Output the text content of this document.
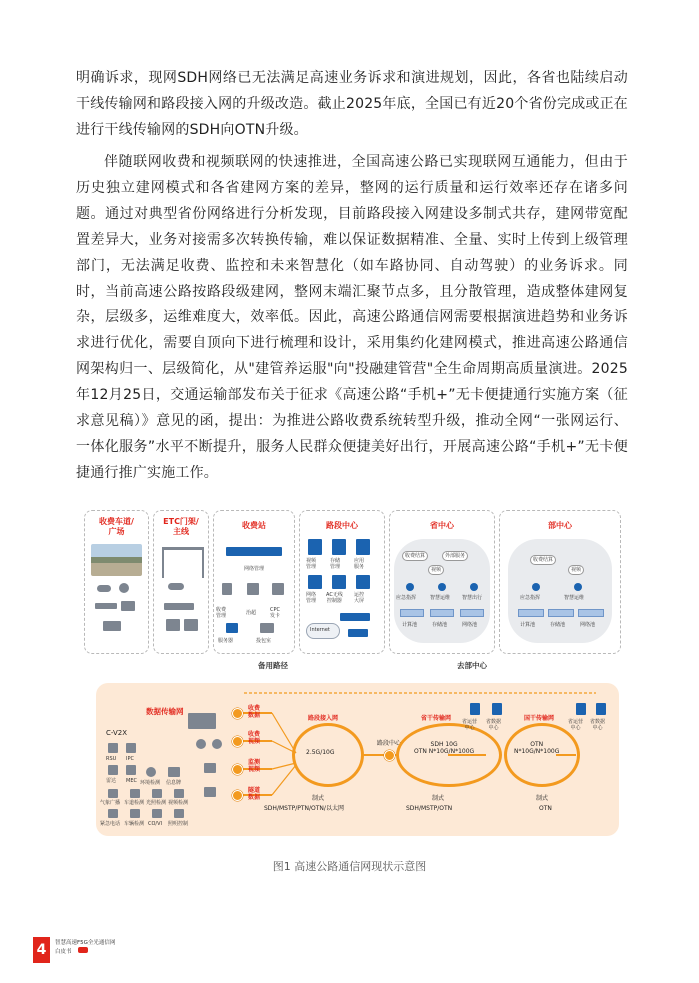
明确诉求，现网SDH网络已无法满足高速业务诉求和演进规划，因此，各省也陆续启动干线传输网和路段接入网的升级改造。截止2025年底，全国已有近20个省份完成或正在进行干线传输网的SDH向OTN升级。

伴随联网收费和视频联网的快速推进，全国高速公路已实现联网互通能力，但由于历史独立建网模式和各省建网方案的差异，整网的运行质量和运行效率还存在诸多问题。通过对典型省份网络进行分析发现，目前路段接入网建设多制式共存，建网带宽配置差异大，业务对接需多次转换传输，难以保证数据精准、全量、实时上传到上级管理部门，无法满足收费、监控和未来智慧化（如车路协同、自动驾驶）的业务诉求。同时，当前高速公路按路段级建网，整网末端汇聚节点多，且分散管理，造成整体建网复杂，层级多，运维难度大，效率低。因此，高速公路通信网需要根据演进趋势和业务诉求进行优化，需要自顶向下进行梳理和设计，采用集约化建网模式，推进高速公路通信网架构归一、层级简化，从"建管养运服"向"投融建管营"全生命周期高质量演进。2025年12月25日，交通运输部发布关于征求《高速公路“手机+”无卡便捷通行实施方案（征求意见稿）》意见的函，提出：为推进公路收费系统转型升级，推动全网“一张网运行、一体化服务”水平不断提升，服务人民群众便捷美好出行，开展高速公路“手机+”无卡便捷通行推广实施工作。

收费车道/
广场
ETC门架/
主线
收费站
网络管理
收费
管理	治超	CPC
发卡
服务器	投包室
路段中心
视频
管理
存储
管理
应用
服务
网络
管理
AC无线
控制器
运控
大屏
Internet
省中心
收费结算	外部服务
视频
应急指挥	智慧运维 智慧出行
计算池	存储池	网络池
部中心
收费结算
视频
应急指挥	智慧运维
计算池	存储池	网络池
备用路径	去部中心
数据传输网
C-V2X
RSU IPC
雷达 MEC 环境检测 信息牌
气象广播 车道检测 光照检测 视频检测
紧急电话 车辆检测 CO/VI 照明控制
收费
数据
收费
视频
监测
视频
隧道
数据
路段接入网
2.5G/10G
路段中心
省干传输网
SDH 10G
OTN N*10G/N*100G
省运营
中心
省数据
中心
国干传输网
OTN
N*10G/N*100G
省运营
中心
省数据
中心
制式
SDH/MSTP/PTN/OTN/以太网
制式
SDH/MSTP/OTN
制式
OTN
图1 高速公路通信网现状示意图
4	智慧高速F5G全光通信网
白皮书
